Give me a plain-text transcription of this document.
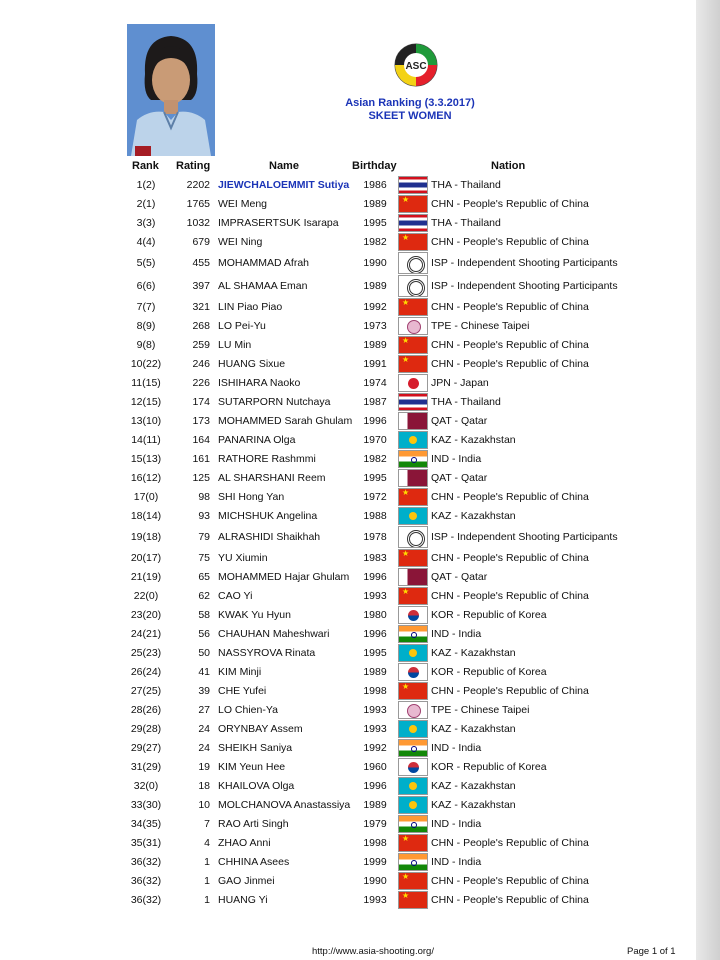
ASC
Asian Ranking (3.3.2017)
SKEET WOMEN
Rank Rating	Name	Birthday	Nation
1(2)	2202 JIEWCHALOEMMIT Sutiya	1986	THA - Thailand
2(1)	1765 WEI Meng	1989 ★	CHN - People's Republic of China
3(3)	1032 IMPRASERTSUK Isarapa	1995	THA - Thailand
4(4)	679 WEI Ning	1982 ★	CHN - People's Republic of China
5(5)	455 MOHAMMAD Afrah	1990	ISP - Independent Shooting Participants
6(6)	397 AL SHAMAA Eman	1989	ISP - Independent Shooting Participants
7(7)	321 LIN Piao Piao	1992 ★	CHN - People's Republic of China
8(9)	268 LO Pei-Yu	1973	TPE - Chinese Taipei
9(8)	259 LU Min	1989 ★	CHN - People's Republic of China
10(22)	246 HUANG Sixue	1991 ★	CHN - People's Republic of China
11(15)	226 ISHIHARA Naoko	1974	JPN - Japan
12(15)	174 SUTARPORN Nutchaya	1987	THA - Thailand
13(10)	173 MOHAMMED Sarah Ghulam	1996	QAT - Qatar
14(11)	164 PANARINA Olga	1970	KAZ - Kazakhstan
15(13)	161 RATHORE Rashmmi	1982	IND - India
16(12)	125 AL SHARSHANI Reem	1995	QAT - Qatar
17(0)	98 SHI Hong Yan	1972 ★	CHN - People's Republic of China
18(14)	93 MICHSHUK Angelina	1988	KAZ - Kazakhstan
19(18)	79 ALRASHIDI Shaikhah	1978	ISP - Independent Shooting Participants
20(17)	75 YU Xiumin	1983 ★	CHN - People's Republic of China
21(19)	65 MOHAMMED Hajar Ghulam	1996	QAT - Qatar
22(0)	62 CAO Yi	1993 ★	CHN - People's Republic of China
23(20)	58 KWAK Yu Hyun	1980	KOR - Republic of Korea
24(21)	56 CHAUHAN Maheshwari	1996	IND - India
25(23)	50 NASSYROVA Rinata	1995	KAZ - Kazakhstan
26(24)	41 KIM Minji	1989	KOR - Republic of Korea
27(25)	39 CHE Yufei	1998 ★	CHN - People's Republic of China
28(26)	27 LO Chien-Ya	1993	TPE - Chinese Taipei
29(28)	24 ORYNBAY Assem	1993	KAZ - Kazakhstan
29(27)	24 SHEIKH Saniya	1992	IND - India
31(29)	19 KIM Yeun Hee	1960	KOR - Republic of Korea
32(0)	18 KHAILOVA Olga	1996	KAZ - Kazakhstan
33(30)	10 MOLCHANOVA Anastassiya	1989	KAZ - Kazakhstan
34(35)	7 RAO Arti Singh	1979	IND - India
35(31)	4 ZHAO Anni	1998 ★	CHN - People's Republic of China
36(32)	1 CHHINA Asees	1999	IND - India
36(32)	1 GAO Jinmei	1990 ★	CHN - People's Republic of China
36(32)	1 HUANG Yi	1993 ★	CHN - People's Republic of China
http://www.asia-shooting.org/	Page 1 of 1
